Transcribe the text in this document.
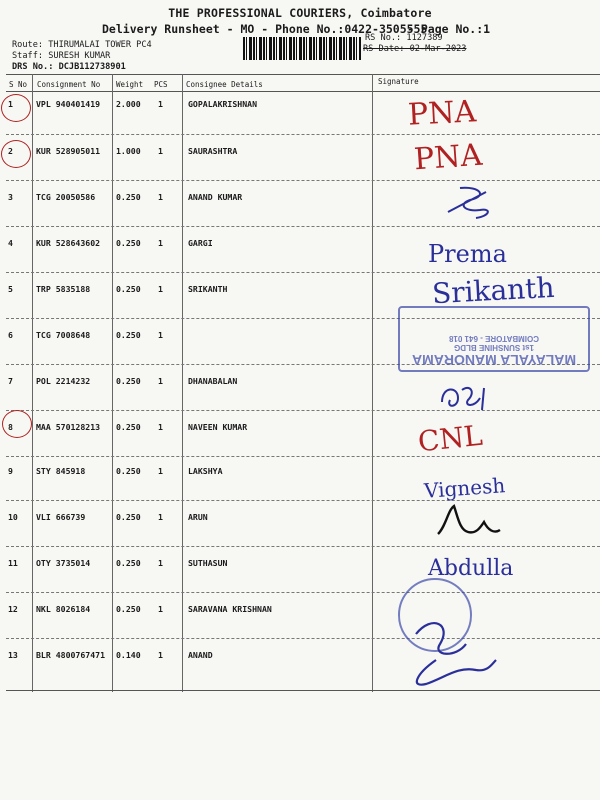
THE PROFESSIONAL COURIERS, Coimbatore
Delivery Runsheet - MO - Phone No.:0422-3505555
- Page No.:1
Route: THIRUMALAI TOWER PC4
Staff: SURESH KUMAR
DRS No.: DCJB112738901
RS No.: 1127389
RS Date: 02-Mar-2023
S No Consignment No Weight PCS Consignee Details	Signature
1	VPL 940401419 2.000 1	GOPALAKRISHNAN
2	KUR 528905011 1.000 1	SAURASHTRA
3	TCG 20050586	0.250 1	ANAND KUMAR
4	KUR 528643602 0.250 1	GARGI
5	TRP 5835188	0.250 1	SRIKANTH
6	TCG 7008648	0.250 1
7	POL 2214232	0.250 1	DHANABALAN
8	MAA 570128213 0.250 1	NAVEEN KUMAR
9	STY 845918	0.250 1	LAKSHYA
10 VLI 666739	0.250 1	ARUN
11 OTY 3735014	0.250 1	SUTHASUN
12 NKL 8026184	0.250 1	SARAVANA KRISHNAN
13 BLR 4800767471 0.140 1	ANAND
PNA
PNA
Prema
Srikanth
MALAYALA MANORAMA
1st SUNSHINE BLDG
COIMBATORE - 641 018
CNL
Vignesh
Abdulla
